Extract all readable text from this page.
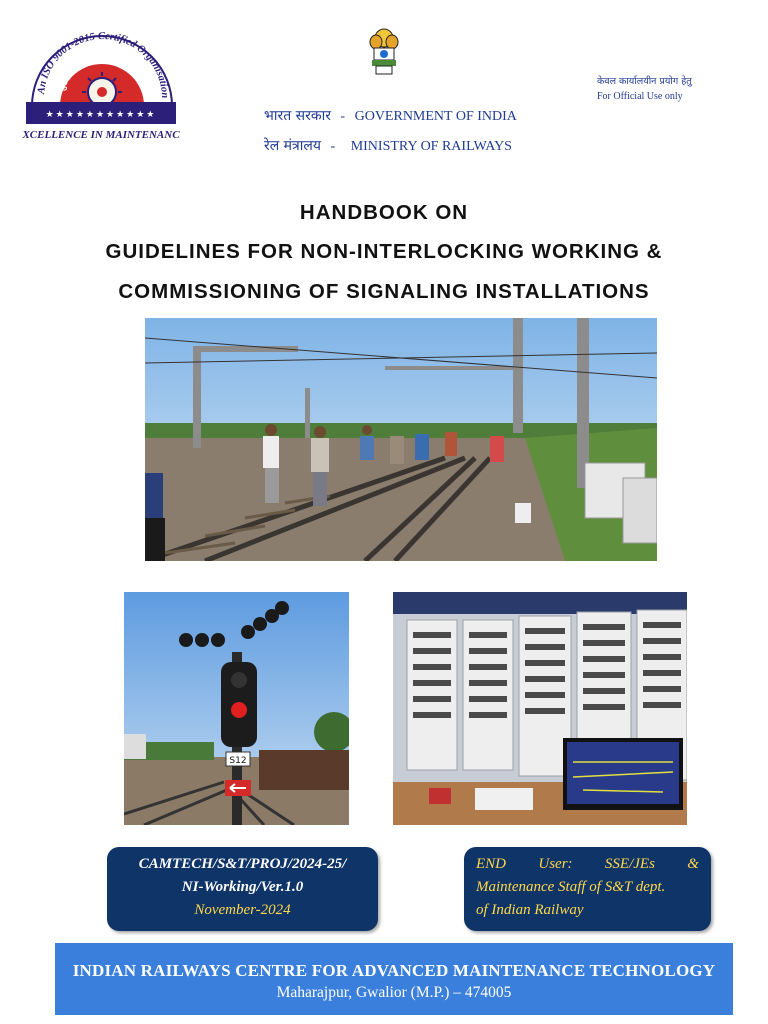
An ISO 9001-2015 Certified Organisation
उच्च अनुरक्षण प्रौद्योगिकी केंद्र
★★★★★★★★★★★
EXCELLENCE IN MAINTENANCE
भारत सरकार - GOVERNMENT OF INDIA
रेल मंत्रालय - MINISTRY OF RAILWAYS
केवल कार्यालयीन प्रयोग हेतु
For Official Use only
HANDBOOK ON
GUIDELINES FOR NON-INTERLOCKING WORKING &
COMMISSIONING OF SIGNALING INSTALLATIONS
S12
CAMTECH/S&T/PROJ/2024-25/
NI-Working/Ver.1.0
November-2024
END User: SSE/JEs &
Maintenance Staff of S&T dept.
of Indian Railway
INDIAN RAILWAYS CENTRE FOR ADVANCED MAINTENANCE TECHNOLOGY
Maharajpur, Gwalior (M.P.) – 474005
